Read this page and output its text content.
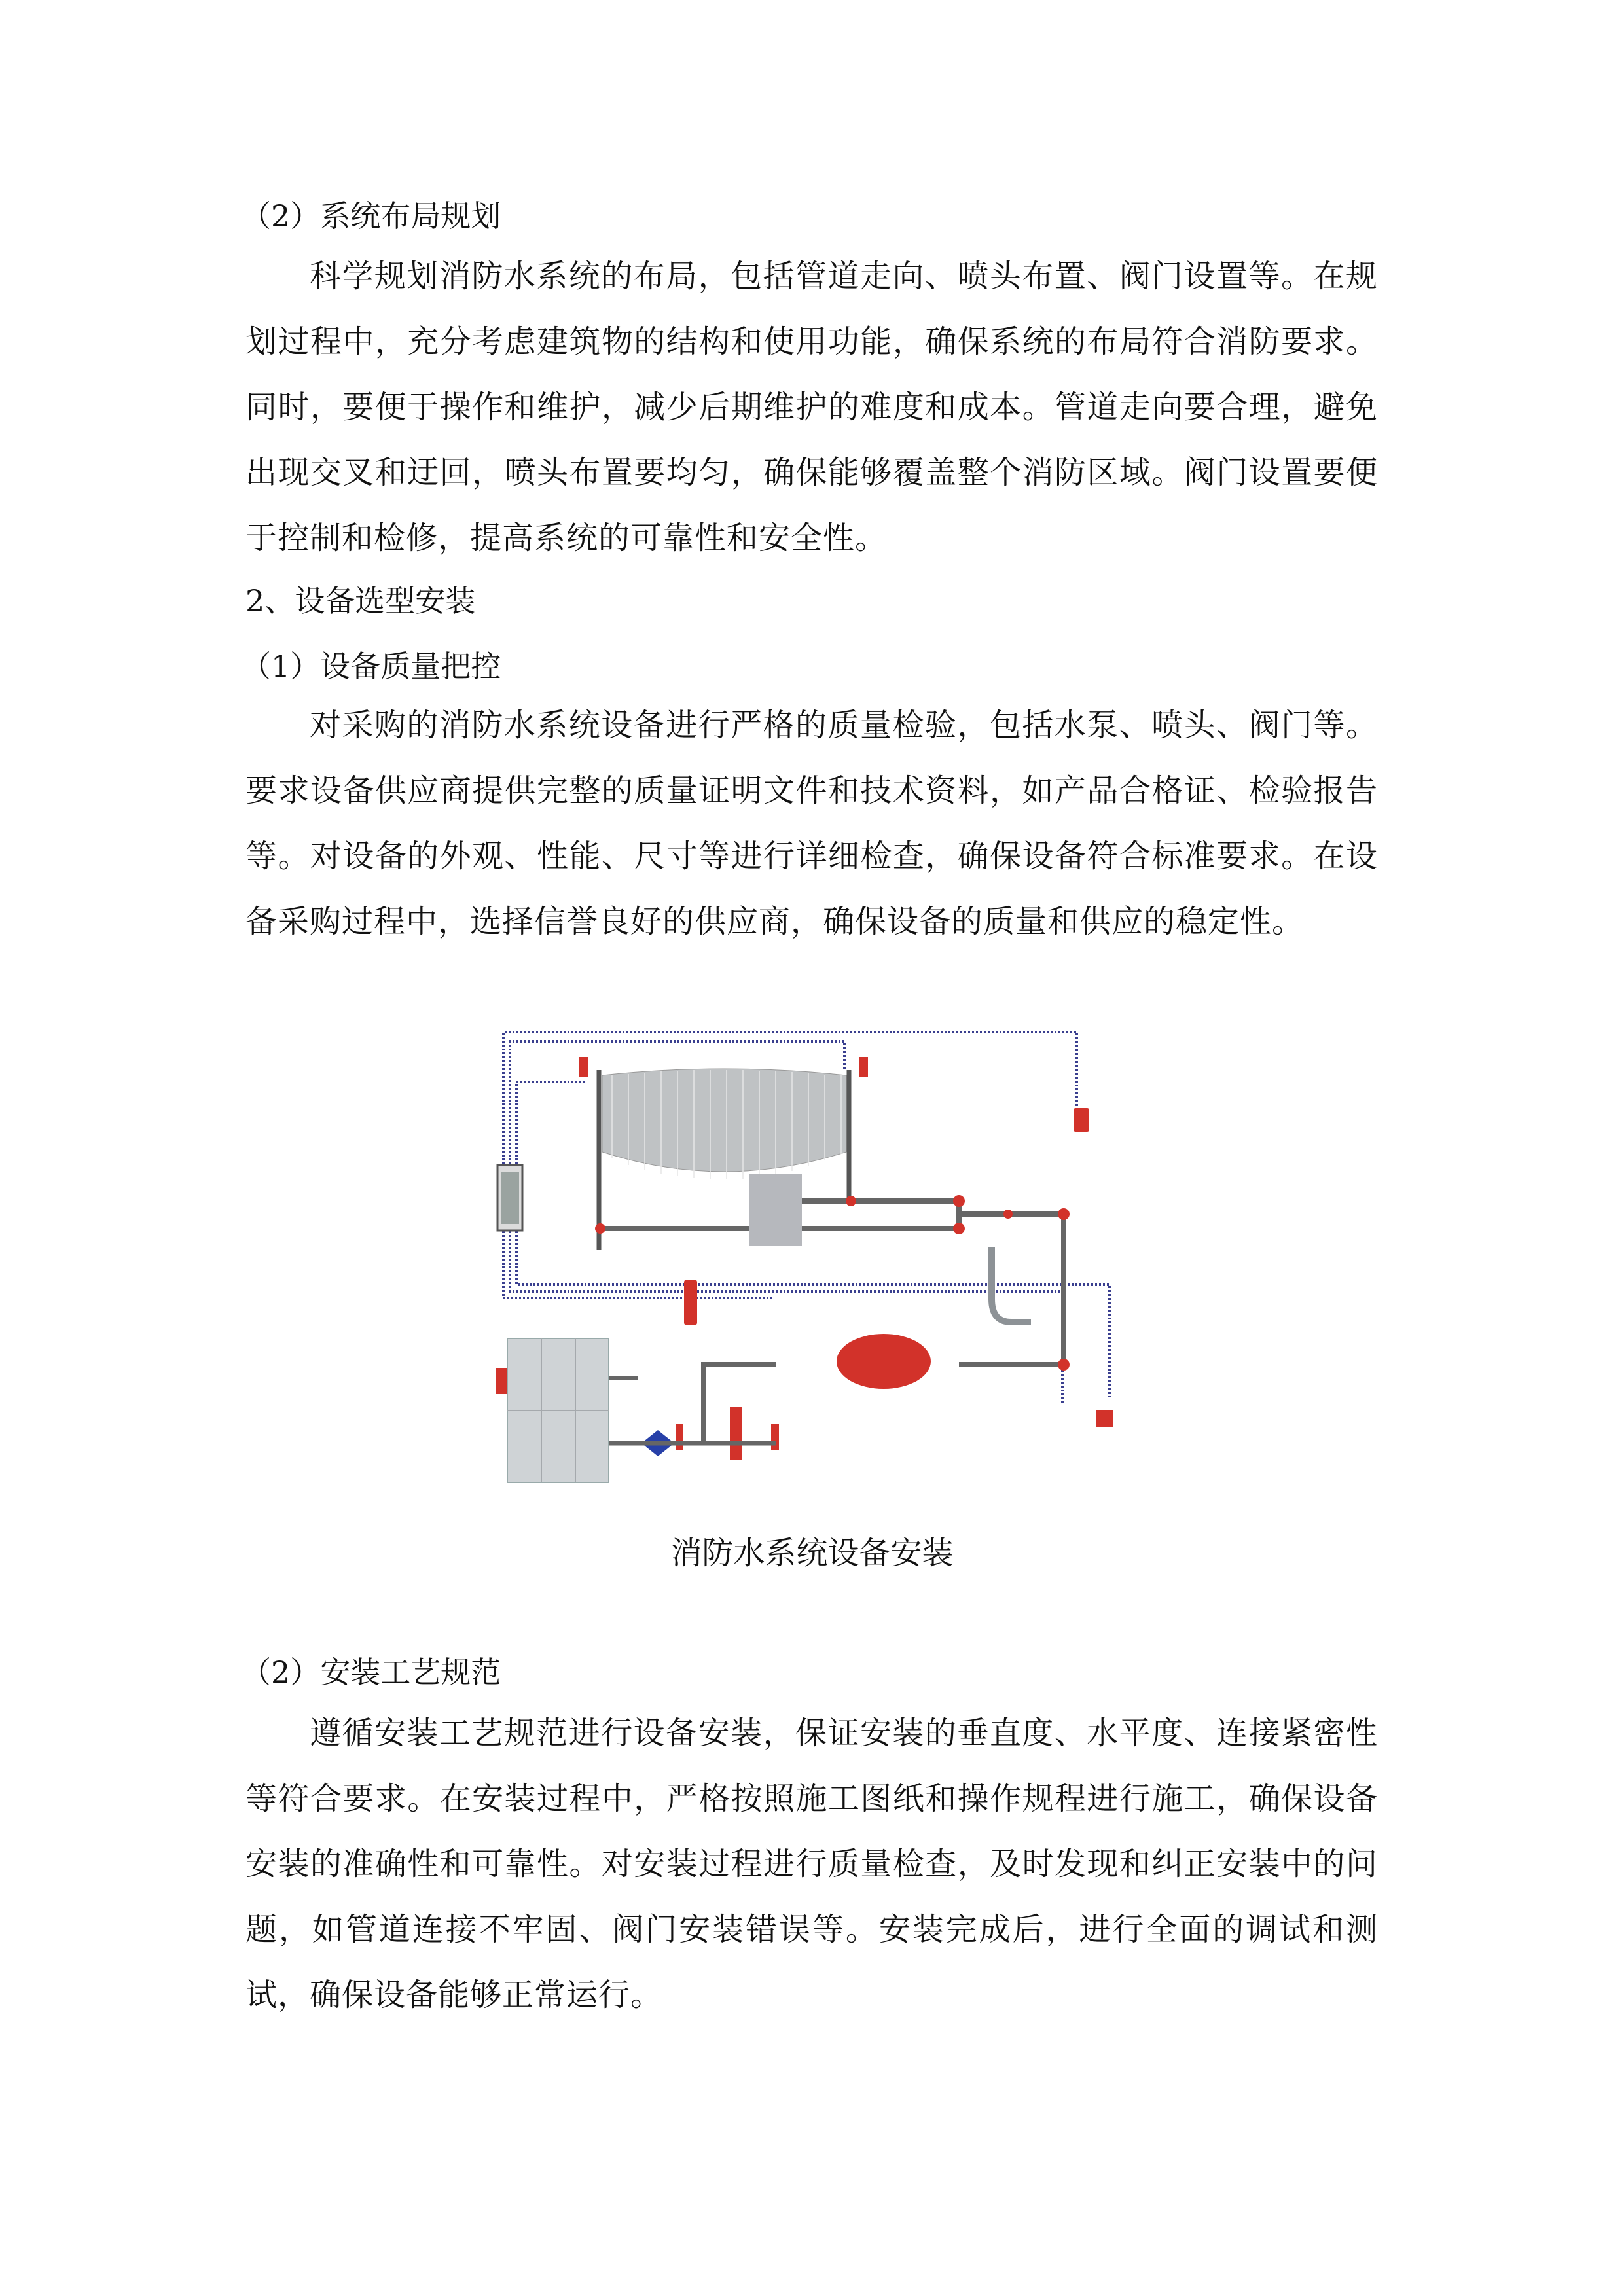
（2）系统布局规划
科学规划消防水系统的布局，包括管道走向、喷头布置、阀门设置等。在规划过程中，充分考虑建筑物的结构和使用功能，确保系统的布局符合消防要求。同时，要便于操作和维护，减少后期维护的难度和成本。管道走向要合理，避免出现交叉和迂回，喷头布置要均匀，确保能够覆盖整个消防区域。阀门设置要便于控制和检修，提高系统的可靠性和安全性。
2、设备选型安装
（1）设备质量把控
对采购的消防水系统设备进行严格的质量检验，包括水泵、喷头、阀门等。要求设备供应商提供完整的质量证明文件和技术资料，如产品合格证、检验报告等。对设备的外观、性能、尺寸等进行详细检查，确保设备符合标准要求。在设备采购过程中，选择信誉良好的供应商，确保设备的质量和供应的稳定性。
消防水系统设备安装
（2）安装工艺规范
遵循安装工艺规范进行设备安装，保证安装的垂直度、水平度、连接紧密性等符合要求。在安装过程中，严格按照施工图纸和操作规程进行施工，确保设备安装的准确性和可靠性。对安装过程进行质量检查，及时发现和纠正安装中的问题，如管道连接不牢固、阀门安装错误等。安装完成后，进行全面的调试和测试，确保设备能够正常运行。
